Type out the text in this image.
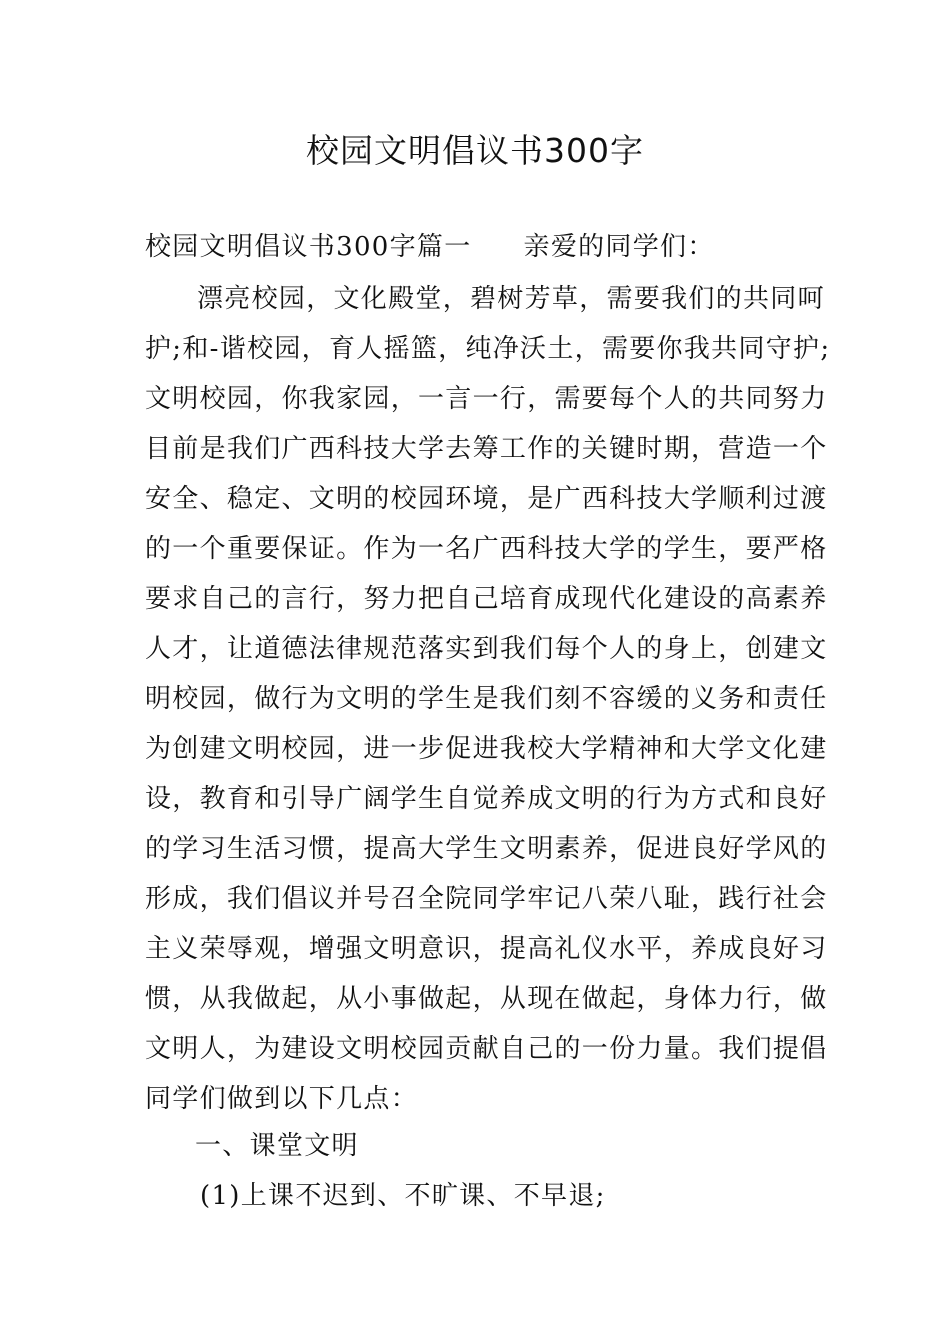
校园文明倡议书300字
校园文明倡议书300字篇一 亲爱的同学们：
漂亮校园，文化殿堂，碧树芳草，需要我们的共同呵
护;和-谐校园，育人摇篮，纯净沃土，需要你我共同守护;
文明校园，你我家园，一言一行，需要每个人的共同努力
目前是我们广西科技大学去筹工作的关键时期，营造一个
安全、稳定、文明的校园环境，是广西科技大学顺利过渡
的一个重要保证。作为一名广西科技大学的学生，要严格
要求自己的言行，努力把自己培育成现代化建设的高素养
人才，让道德法律规范落实到我们每个人的身上，创建文
明校园，做行为文明的学生是我们刻不容缓的义务和责任
为创建文明校园，进一步促进我校大学精神和大学文化建
设，教育和引导广阔学生自觉养成文明的行为方式和良好
的学习生活习惯，提高大学生文明素养，促进良好学风的
形成，我们倡议并号召全院同学牢记八荣八耻，践行社会
主义荣辱观，增强文明意识，提高礼仪水平，养成良好习
惯，从我做起，从小事做起，从现在做起，身体力行，做
文明人，为建设文明校园贡献自己的一份力量。我们提倡
同学们做到以下几点：
一、课堂文明
(1)上课不迟到、不旷课、不早退;
